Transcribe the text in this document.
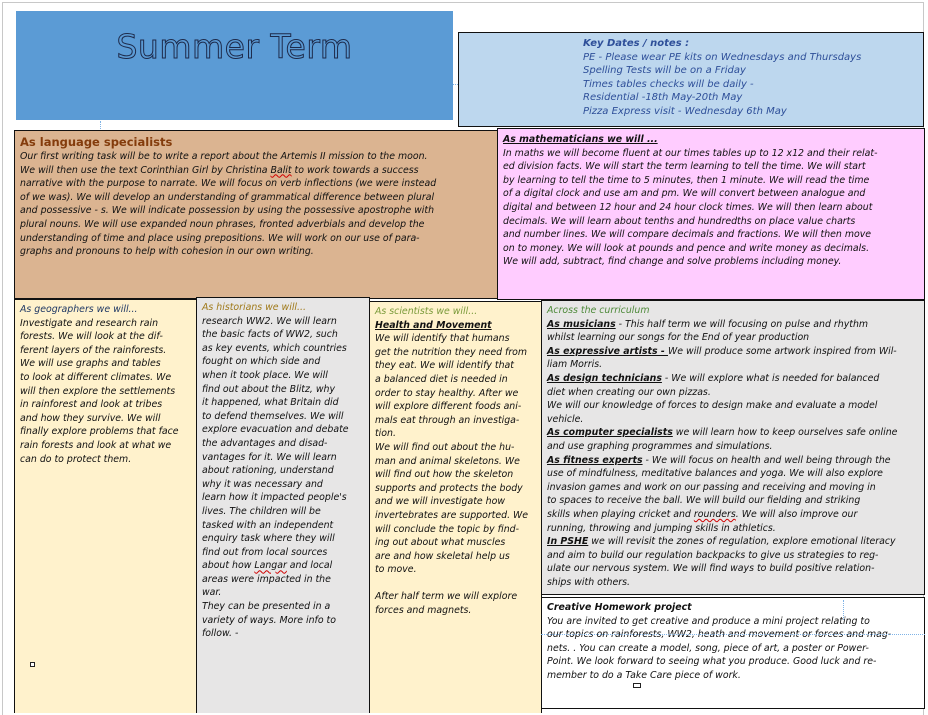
Summer Term	Key Dates / notes :
PE - Please wear PE kits on Wednesdays and Thursdays
Spelling Tests will be on a Friday
Times tables checks will be daily -
Residential -18th May-20th May
Pizza Express visit - Wednesday 6th May
As language specialists
Our first writing task will be to write a report about the Artemis II mission to the moon.
We will then use the text Corinthian Girl by Christina Balit to work towards a success
narrative with the purpose to narrate. We will focus on verb inflections (we were instead
of we was). We will develop an understanding of grammatical difference between plural
and possessive - s. We will indicate possession by using the possessive apostrophe with
plural nouns. We will use expanded noun phrases, fronted adverbials and develop the
understanding of time and place using prepositions. We will work on our use of para-
graphs and pronouns to help with cohesion in our own writing.
As mathematicians we will ...
In maths we will become fluent at our times tables up to 12 x12 and their relat-
ed division facts. We will start the term learning to tell the time. We will start
by learning to tell the time to 5 minutes, then 1 minute. We will read the time
of a digital clock and use am and pm. We will convert between analogue and
digital and between 12 hour and 24 hour clock times. We will then learn about
decimals. We will learn about tenths and hundredths on place value charts
and number lines. We will compare decimals and fractions. We will then move
on to money. We will look at pounds and pence and write money as decimals.
We will add, subtract, find change and solve problems including money.
As geographers we will...
Investigate and research rain
forests. We will look at the dif-
ferent layers of the rainforests.
We will use graphs and tables
to look at different climates. We
will then explore the settlements
in rainforest and look at tribes
and how they survive. We will
finally explore problems that face
rain forests and look at what we
can do to protect them.
As historians we will...
research WW2. We will learn
the basic facts of WW2, such
as key events, which countries
fought on which side and
when it took place. We will
find out about the Blitz, why
it happened, what Britain did
to defend themselves. We will
explore evacuation and debate
the advantages and disad-
vantages for it. We will learn
about rationing, understand
why it was necessary and
learn how it impacted people's
lives. The children will be
tasked with an independent
enquiry task where they will
find out from local sources
about how Langar and local
areas were impacted in the
war.
They can be presented in a
variety of ways. More info to
follow. -
As scientists we will...
Health and Movement
We will identify that humans
get the nutrition they need from
they eat. We will identify that
a balanced diet is needed in
order to stay healthy. After we
will explore different foods ani-
mals eat through an investiga-
tion.
We will find out about the hu-
man and animal skeletons. We
will find out how the skeleton
supports and protects the body
and we will investigate how
invertebrates are supported. We
will conclude the topic by find-
ing out about what muscles
are and how skeletal help us
to move.
After half term we will explore
forces and magnets.
Across the curriculum
As musicians - This half term we will focusing on pulse and rhythm
whilst learning our songs for the End of year production
As expressive artists - We will produce some artwork inspired from Wil-
liam Morris.
As design technicians - We will explore what is needed for balanced
diet when creating our own pizzas.
We will our knowledge of forces to design make and evaluate a model
vehicle.
As computer specialists we will learn how to keep ourselves safe online
and use graphing programmes and simulations.
As fitness experts - We will focus on health and well being through the
use of mindfulness, meditative balances and yoga. We will also explore
invasion games and work on our passing and receiving and moving in
to spaces to receive the ball. We will build our fielding and striking
skills when playing cricket and rounders. We will also improve our
running, throwing and jumping skills in athletics.
In PSHE we will revisit the zones of regulation, explore emotional literacy
and aim to build our regulation backpacks to give us strategies to reg-
ulate our nervous system. We will find ways to build positive relation-
ships with others.
Creative Homework project
You are invited to get creative and produce a mini project relating to
our topics on rainforests, WW2, heath and movement or forces and mag-
nets. . You can create a model, song, piece of art, a poster or Power-
Point. We look forward to seeing what you produce. Good luck and re-
member to do a Take Care piece of work.
